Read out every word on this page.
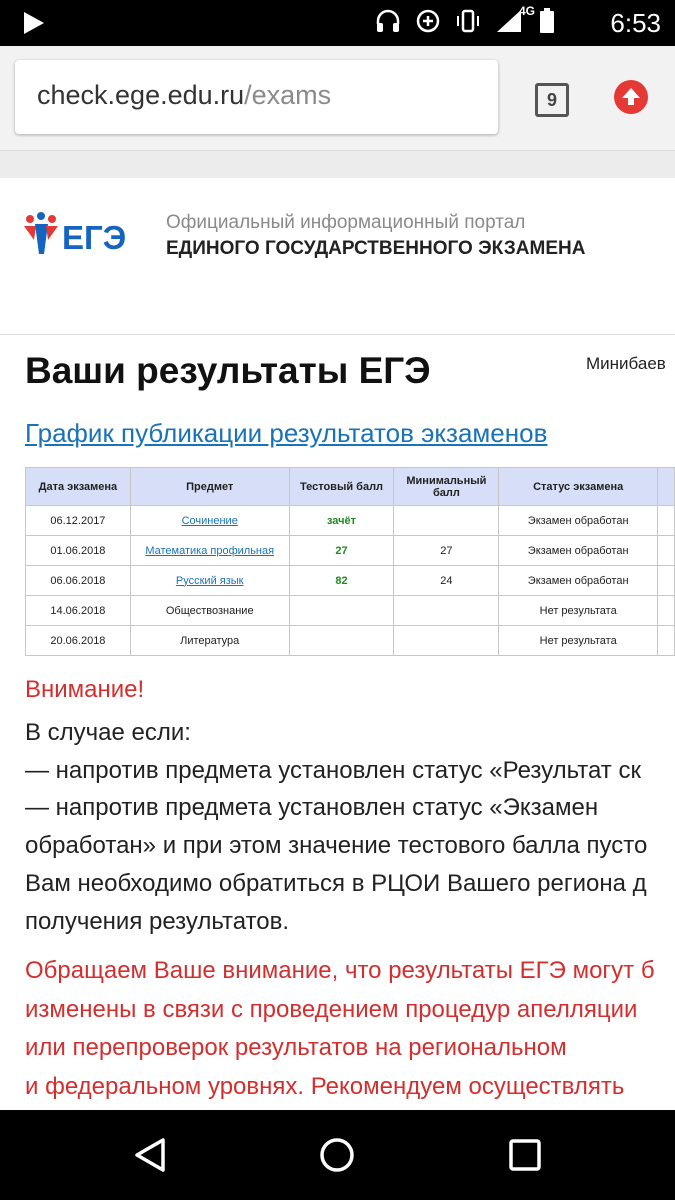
4G	6:53
check.ege.edu.ru/exams	9
ЕГЭ Официальный информационный портал
ЕДИНОГО ГОСУДАРСТВЕННОГО ЭКЗАМЕНА
Минибаев
Ваши результаты ЕГЭ
График публикации результатов экзаменов
Дата экзамена	Предмет	Тестовый балл	Минимальный балл	Статус экзамена	
06.12.2017	Сочинение	зачёт		Экзамен обработан	
01.06.2018	Математика профильная	27	27	Экзамен обработан	
06.06.2018	Русский язык	82	24	Экзамен обработан	
14.06.2018	Обществознание			Нет результата	
20.06.2018	Литература			Нет результата	
Внимание!
В случае если:
— напротив предмета установлен статус «Результат ск
— напротив предмета установлен статус «Экзамен
обработан» и при этом значение тестового балла пусто
Вам необходимо обратиться в РЦОИ Вашего региона д
получения результатов.
Обращаем Ваше внимание, что результаты ЕГЭ могут б
изменены в связи с проведением процедур апелляции
или перепроверок результатов на региональном
и федеральном уровнях. Рекомендуем осуществлять
